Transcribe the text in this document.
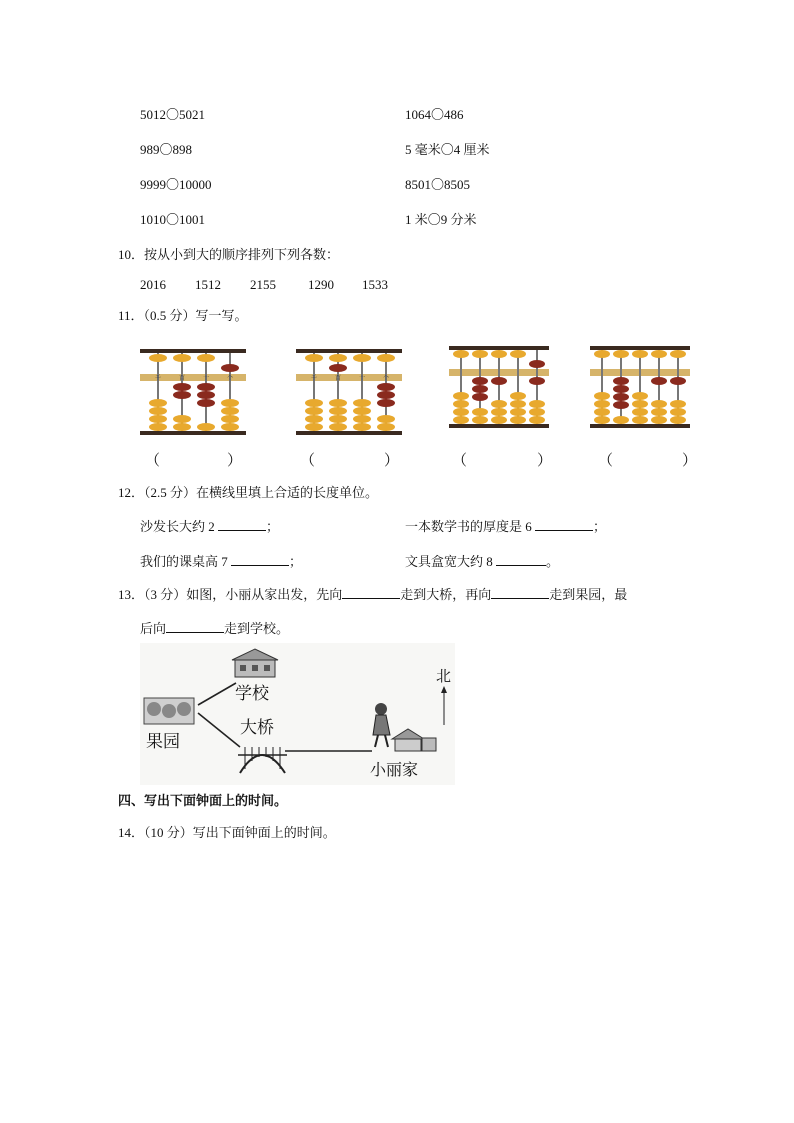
5012〇5021	1064〇486
989〇898	5 毫米〇4 厘米
9999〇10000	8501〇8505
1010〇1001	1 米〇9 分米
10．按从小到大的顺序排列下列各数：
2016 1512 2155 1290 1533
11．（0.5 分）写一写。
千	百	十	个	千	百	十	个
（	）	（	）	（	）	（	）
12．（2.5 分）在横线里填上合适的长度单位。
沙发长大约 2	；	一本数学书的厚度是 6	；
我们的课桌高 7	；	文具盒宽大约 8	。
13．（3 分）如图，小丽从家出发，先向	走到大桥，再向	走到果园，最
后向	走到学校。
学校
果园
大桥
小丽家
北
四、写出下面钟面上的时间。
14．（10 分）写出下面钟面上的时间。
